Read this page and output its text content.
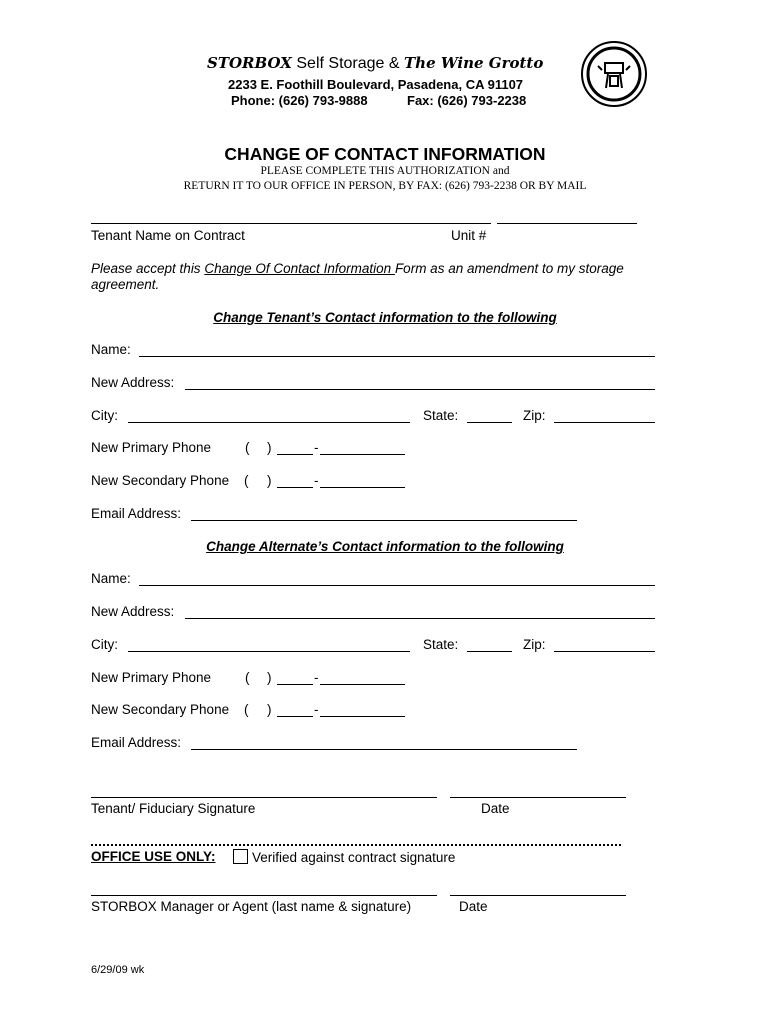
STORBOX Self Storage & The Wine Grotto
2233 E. Foothill Boulevard, Pasadena, CA 91107
Phone: (626) 793-9888	Fax: (626) 793-2238
CHANGE OF CONTACT INFORMATION
PLEASE COMPLETE THIS AUTHORIZATION and
RETURN IT TO OUR OFFICE IN PERSON, BY FAX: (626) 793-2238 OR BY MAIL
Tenant Name on Contract	Unit #
Please accept this Change Of Contact Information Form as an amendment to my storage
agreement.
Change Tenant’s Contact information to the following
Name:
New Address:
City:	State:	Zip:
New Primary Phone	( )	-
New Secondary Phone ( )	-
Email Address:
Change Alternate’s Contact information to the following
Name:
New Address:
City:	State:	Zip:
New Primary Phone	( )	-
New Secondary Phone ( )	-
Email Address:
Tenant/ Fiduciary Signature	Date
OFFICE USE ONLY:	Verified against contract signature
STORBOX Manager or Agent (last name & signature)	Date
6/29/09 wk
